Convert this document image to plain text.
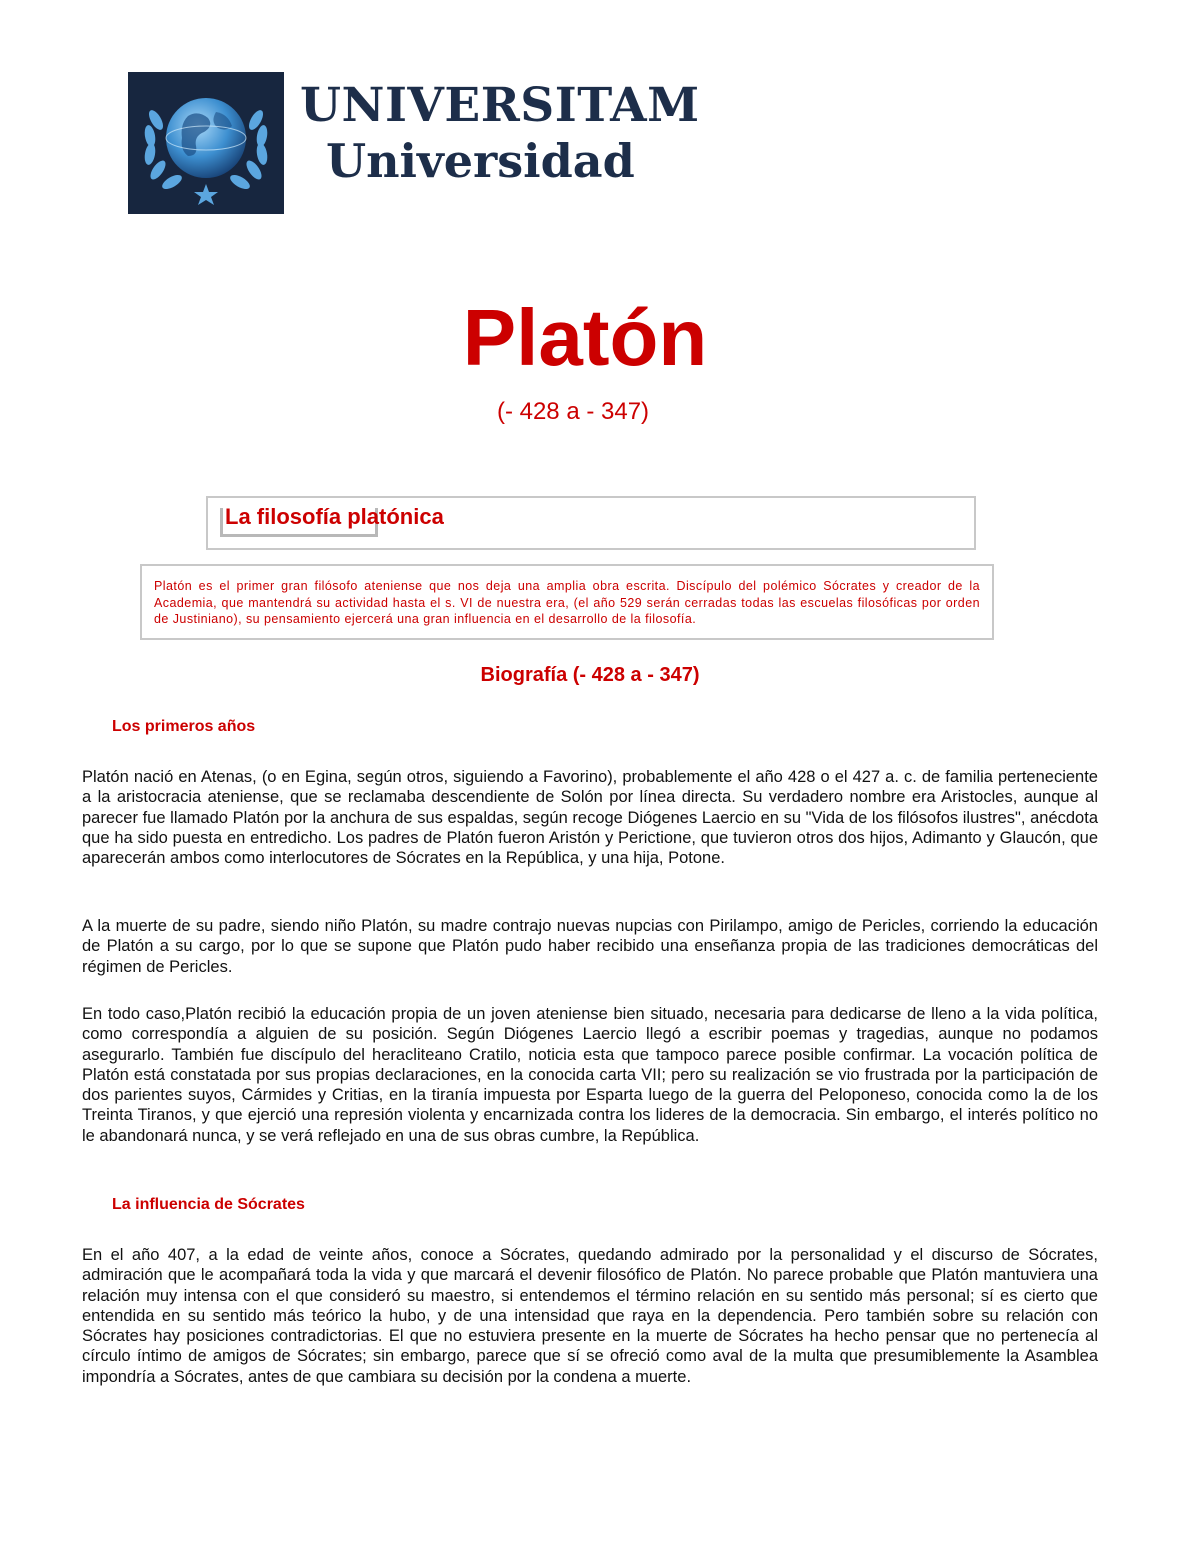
UNIVERSITAM
Universidad
Platón
(- 428 a - 347)
La filosofía platónica

Platón es el primer gran filósofo ateniense que nos deja una amplia obra escrita. Discípulo del polémico Sócrates y creador de la Academia, que mantendrá su actividad hasta el s. VI de nuestra era, (el año 529 serán cerradas todas las escuelas filosóficas por orden de Justiniano), su pensamiento ejercerá una gran influencia en el desarrollo de la filosofía.

Biografía (- 428 a - 347)
Los primeros años

Platón nació en Atenas, (o en Egina, según otros, siguiendo a Favorino), probablemente el año 428 o el 427 a. c. de familia perteneciente a la aristocracia ateniense, que se reclamaba descendiente de Solón por línea directa. Su verdadero nombre era Aristocles, aunque al parecer fue llamado Platón por la anchura de sus espaldas, según recoge Diógenes Laercio en su "Vida de los filósofos ilustres", anécdota que ha sido puesta en entredicho. Los padres de Platón fueron Aristón y Perictione, que tuvieron otros dos hijos, Adimanto y Glaucón, que aparecerán ambos como interlocutores de Sócrates en la República, y una hija, Potone.

A la muerte de su padre, siendo niño Platón, su madre contrajo nuevas nupcias con Pirilampo, amigo de Pericles, corriendo la educación de Platón a su cargo, por lo que se supone que Platón pudo haber recibido una enseñanza propia de las tradiciones democráticas del régimen de Pericles.

En todo caso,Platón recibió la educación propia de un joven ateniense bien situado, necesaria para dedicarse de lleno a la vida política, como correspondía a alguien de su posición. Según Diógenes Laercio llegó a escribir poemas y tragedias, aunque no podamos asegurarlo. También fue discípulo del heracliteano Cratilo, noticia esta que tampoco parece posible confirmar. La vocación política de Platón está constatada por sus propias declaraciones, en la conocida carta VII; pero su realización se vio frustrada por la participación de dos parientes suyos, Cármides y Critias, en la tiranía impuesta por Esparta luego de la guerra del Peloponeso, conocida como la de los Treinta Tiranos, y que ejerció una represión violenta y encarnizada contra los lideres de la democracia. Sin embargo, el interés político no le abandonará nunca, y se verá reflejado en una de sus obras cumbre, la República.

La influencia de Sócrates

En el año 407, a la edad de veinte años, conoce a Sócrates, quedando admirado por la personalidad y el discurso de Sócrates, admiración que le acompañará toda la vida y que marcará el devenir filosófico de Platón. No parece probable que Platón mantuviera una relación muy intensa con el que consideró su maestro, si entendemos el término relación en su sentido más personal; sí es cierto que entendida en su sentido más teórico la hubo, y de una intensidad que raya en la dependencia. Pero también sobre su relación con Sócrates hay posiciones contradictorias. El que no estuviera presente en la muerte de Sócrates ha hecho pensar que no pertenecía al círculo íntimo de amigos de Sócrates; sin embargo, parece que sí se ofreció como aval de la multa que presumiblemente la Asamblea impondría a Sócrates, antes de que cambiara su decisión por la condena a muerte.
